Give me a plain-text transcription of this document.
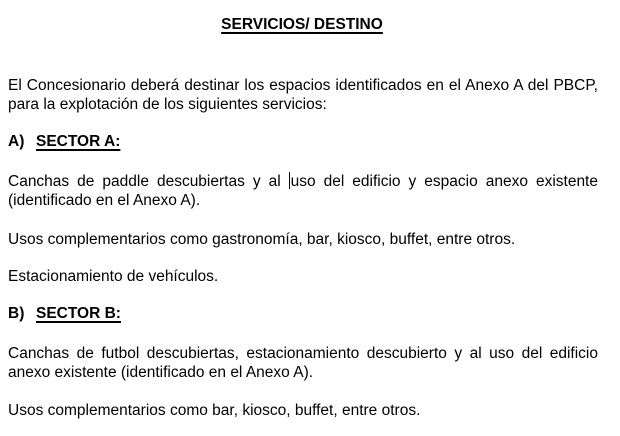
SERVICIOS/ DESTINO

El Concesionario deberá destinar los espacios identificados en el Anexo A del PBCP, para la explotación de los siguientes servicios:

A) SECTOR A:

Canchas de paddle descubiertas y al uso del edificio y espacio anexo existente (identificado en el Anexo A).

Usos complementarios como gastronomía, bar, kiosco, buffet, entre otros.

Estacionamiento de vehículos.

B) SECTOR B:

Canchas de futbol descubiertas, estacionamiento descubierto y al uso del edificio anexo existente (identificado en el Anexo A).

Usos complementarios como bar, kiosco, buffet, entre otros.
